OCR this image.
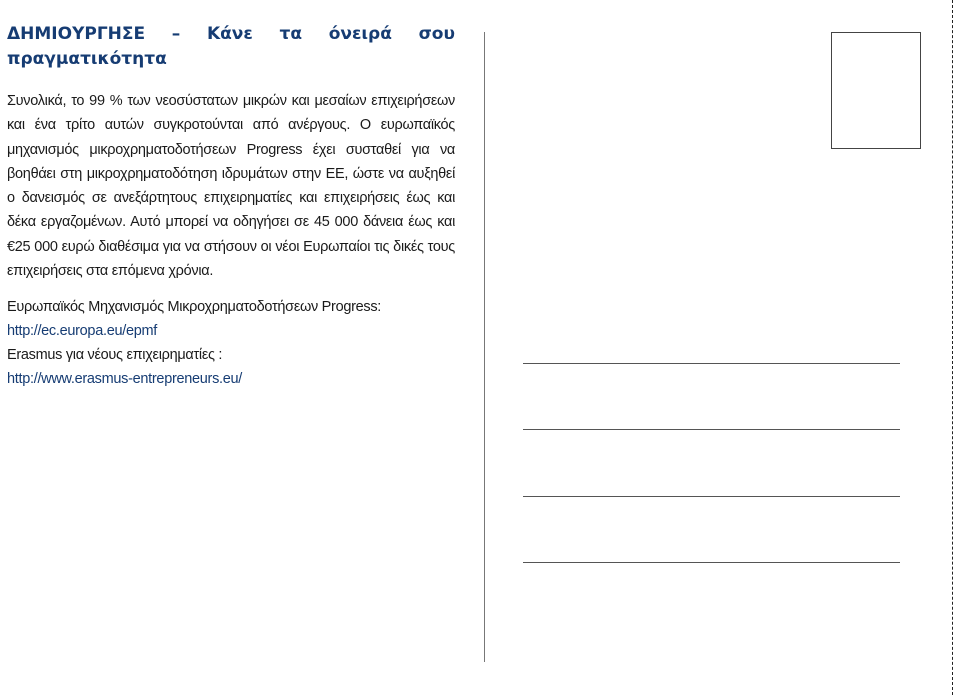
ΔΗΜΙΟΥΡΓΗΣΕ – Κάνε τα όνειρά σου
πραγματικότητα

Συνολικά, το 99 % των νεοσύστατων μικρών και μεσαίων επιχειρήσεων και ένα τρίτο αυτών συγκροτούνται από ανέργους. Ο ευρωπαϊκός μηχανισμός μικροχρηματοδοτήσεων Progress έχει συσταθεί για να βοηθάει στη μικροχρηματοδότηση ιδρυμάτων στην ΕΕ, ώστε να αυξηθεί ο δανεισμός σε ανεξάρτητους επιχειρηματίες και επιχειρήσεις έως και δέκα εργαζομένων. Αυτό μπορεί να οδηγήσει σε 45 000 δάνεια έως και €25 000 ευρώ διαθέσιμα για να στήσουν οι νέοι Ευρωπαίοι τις δικές τους επιχειρήσεις στα επόμενα χρόνια.

Ευρωπαϊκός Μηχανισμός Μικροχρηματοδοτήσεων Progress:
http://ec.europa.eu/epmf
Erasmus για νέους επιχειρηματίες :
http://www.erasmus-entrepreneurs.eu/
